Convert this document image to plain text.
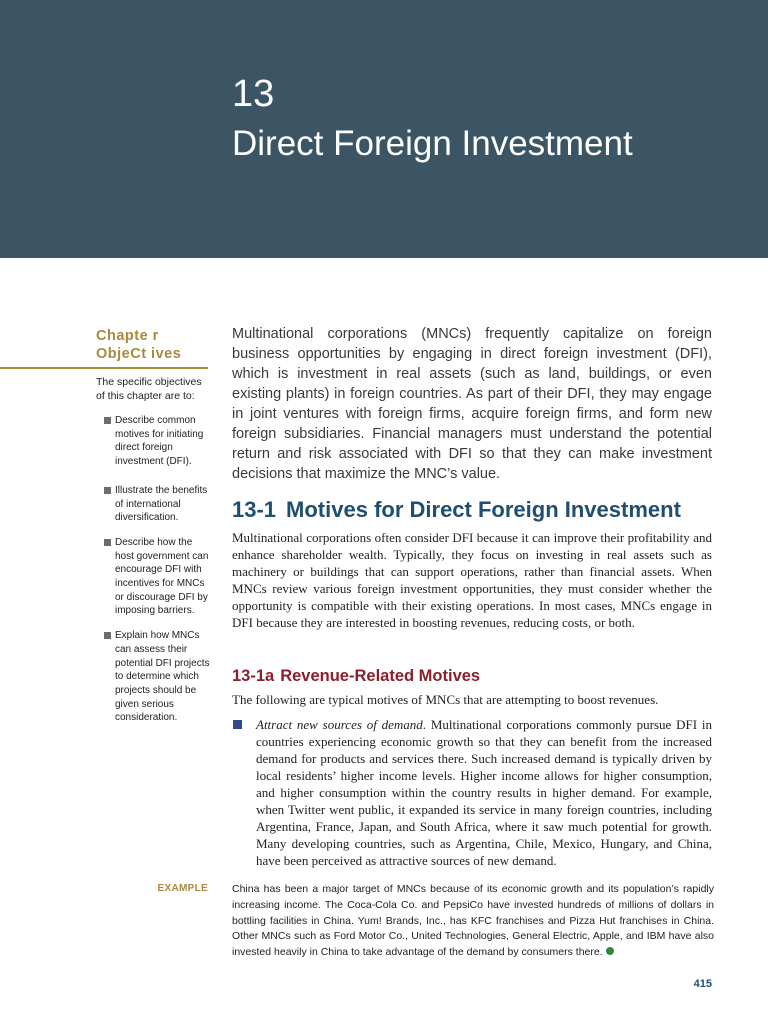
13
Direct Foreign Investment
Chapte r
ObjeCt ives
The specific objectives of this chapter are to:
Describe common motives for initiating direct foreign investment (DFI).
Illustrate the benefits of international diversification.
Describe how the host government can encourage DFI with incentives for MNCs or discourage DFI by imposing barriers.
Explain how MNCs can assess their potential DFI projects to determine which projects should be given serious consideration.

Multinational corporations (MNCs) frequently capitalize on foreign business opportunities by engaging in direct foreign investment (DFI), which is investment in real assets (such as land, buildings, or even existing plants) in foreign countries. As part of their DFI, they may engage in joint ventures with foreign firms, acquire foreign firms, and form new foreign subsidiaries. Financial managers must understand the potential return and risk associated with DFI so that they can make investment decisions that maximize the MNC’s value.

13-1 Motives for Direct Foreign Investment

Multinational corporations often consider DFI because it can improve their profitability and enhance shareholder wealth. Typically, they focus on investing in real assets such as machinery or buildings that can support operations, rather than financial assets. When MNCs review various foreign investment opportunities, they must consider whether the opportunity is compatible with their existing operations. In most cases, MNCs engage in DFI because they are interested in boosting revenues, reducing costs, or both.

13-1a Revenue-Related Motives

The following are typical motives of MNCs that are attempting to boost revenues.

Attract new sources of demand. Multinational corporations commonly pursue DFI in countries experiencing economic growth so that they can benefit from the increased demand for products and services there. Such increased demand is typically driven by local residents’ higher income levels. Higher income allows for higher consumption, and higher consumption within the country results in higher demand. For example, when Twitter went public, it expanded its service in many foreign countries, including Argentina, France, Japan, and South Africa, where it saw much potential for growth. Many developing countries, such as Argentina, Chile, Mexico, Hungary, and China, have been perceived as attractive sources of new demand.

EXAMPLE China has been a major target of MNCs because of its economic growth and its population’s rapidly increasing income. The Coca-Cola Co. and PepsiCo have invested hundreds of millions of dollars in bottling facilities in China. Yum! Brands, Inc., has KFC franchises and Pizza Hut franchises in China. Other MNCs such as Ford Motor Co., United Technologies, General Electric, Apple, and IBM have also invested heavily in China to take advantage of the demand by consumers there.

415
